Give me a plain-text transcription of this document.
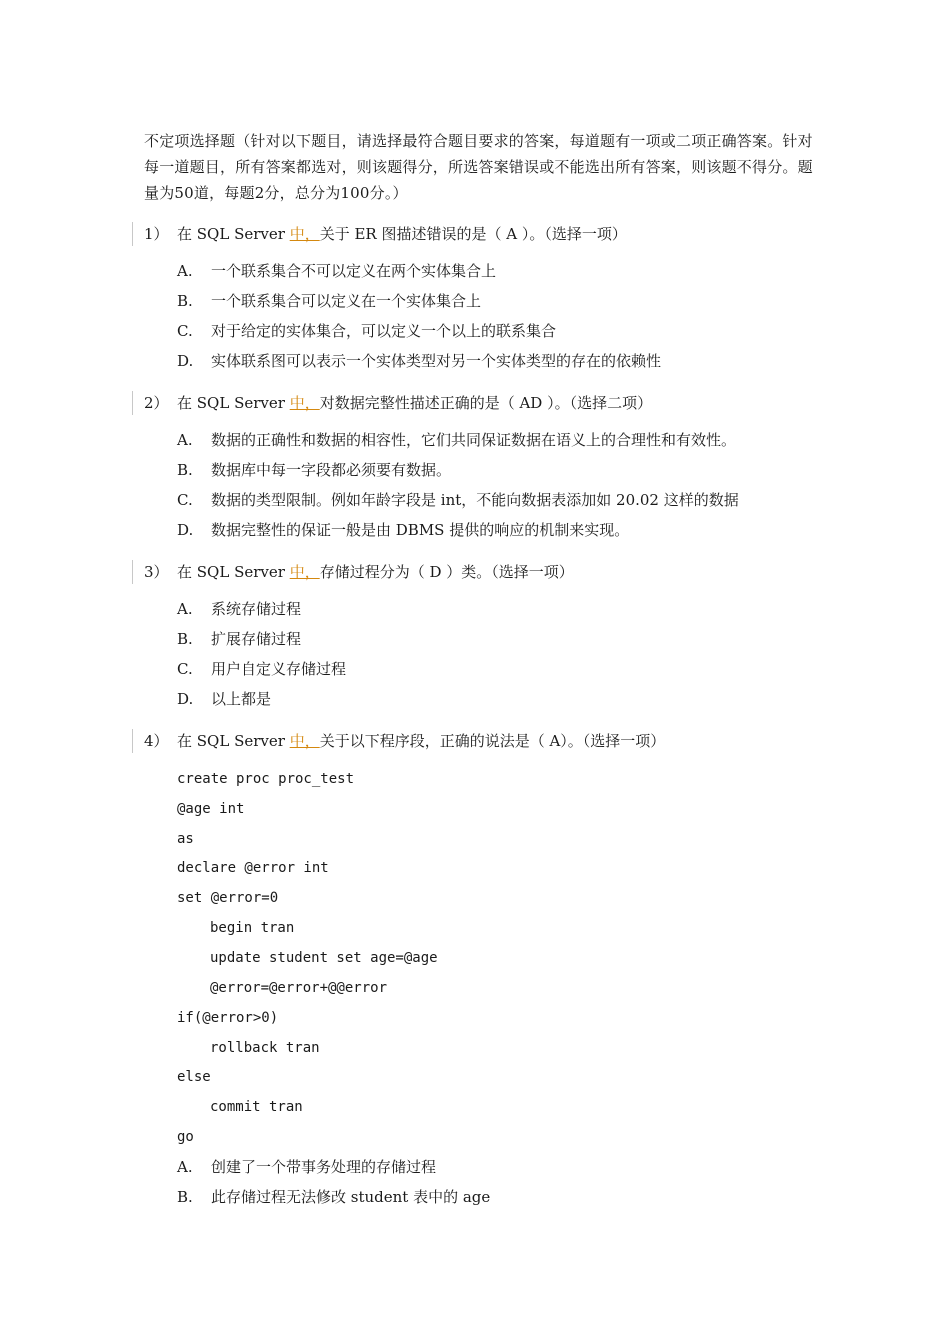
不定项选择题（针对以下题目，请选择最符合题目要求的答案，每道题有一项或二项正确答案。针对每一道题目，所有答案都选对，则该题得分，所选答案错误或不能选出所有答案，则该题不得分。题量为50道，每题2分，总分为100分。）
1） 在 SQL Server 中，关于 ER 图描述错误的是（ A ）。（选择一项）
A. 一个联系集合不可以定义在两个实体集合上
B. 一个联系集合可以定义在一个实体集合上
C. 对于给定的实体集合，可以定义一个以上的联系集合
D. 实体联系图可以表示一个实体类型对另一个实体类型的存在的依赖性
2） 在 SQL Server 中，对数据完整性描述正确的是（ AD ）。（选择二项）
A. 数据的正确性和数据的相容性，它们共同保证数据在语义上的合理性和有效性。
B. 数据库中每一字段都必须要有数据。
C. 数据的类型限制。例如年龄字段是 int，不能向数据表添加如 20.02 这样的数据
D. 数据完整性的保证一般是由 DBMS 提供的响应的机制来实现。
3） 在 SQL Server 中，存储过程分为（ D ）类。（选择一项）
A. 系统存储过程
B. 扩展存储过程
C. 用户自定义存储过程
D. 以上都是
4） 在 SQL Server 中，关于以下程序段，正确的说法是（ A）。（选择一项）
create proc proc_test
@age int
as
declare @error int
set @error=0
begin tran
update student set age=@age
@error=@error+@@error
if(@error>0)
rollback tran
else
commit tran
go
A. 创建了一个带事务处理的存储过程
B. 此存储过程无法修改 student 表中的 age
